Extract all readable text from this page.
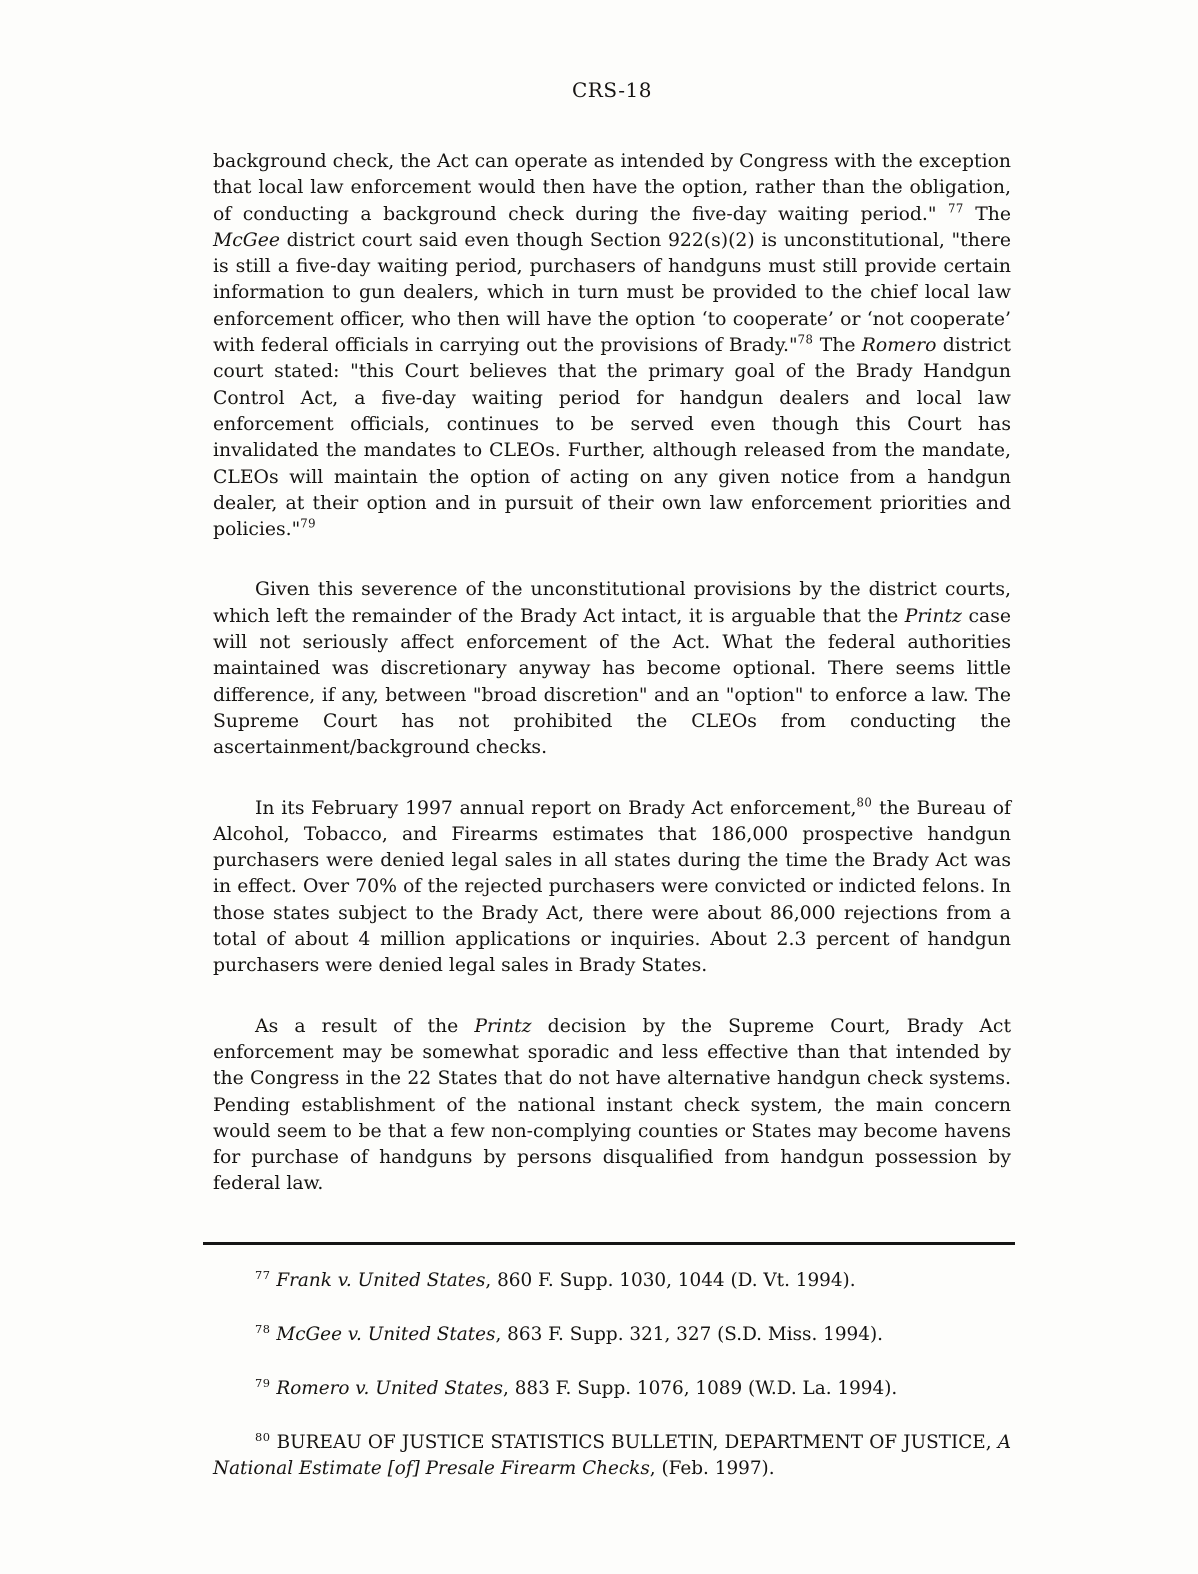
CRS-18

background check, the Act can operate as intended by Congress with the exception that local law enforcement would then have the option, rather than the obligation, of conducting a background check during the five-day waiting period." $^{77}$ The McGee district court said even though Section 922(s)(2) is unconstitutional, "there is still a five-day waiting period, purchasers of handguns must still provide certain information to gun dealers, which in turn must be provided to the chief local law enforcement officer, who then will have the option ‘to cooperate’ or ‘not cooperate’ with federal officials in carrying out the provisions of Brady."$^{78}$ The Romero district court stated: "this Court believes that the primary goal of the Brady Handgun Control Act, a five-day waiting period for handgun dealers and local law enforcement officials, continues to be served even though this Court has invalidated the mandates to CLEOs. Further, although released from the mandate, CLEOs will maintain the option of acting on any given notice from a handgun dealer, at their option and in pursuit of their own law enforcement priorities and policies."$^{79}$

Given this severence of the unconstitutional provisions by the district courts, which left the remainder of the Brady Act intact, it is arguable that the Printz case will not seriously affect enforcement of the Act. What the federal authorities maintained was discretionary anyway has become optional. There seems little difference, if any, between "broad discretion" and an "option" to enforce a law. The Supreme Court has not prohibited the CLEOs from conducting the ascertainment/background checks.

In its February 1997 annual report on Brady Act enforcement,$^{80}$ the Bureau of Alcohol, Tobacco, and Firearms estimates that 186,000 prospective handgun purchasers were denied legal sales in all states during the time the Brady Act was in effect. Over 70% of the rejected purchasers were convicted or indicted felons. In those states subject to the Brady Act, there were about 86,000 rejections from a total of about 4 million applications or inquiries. About 2.3 percent of handgun purchasers were denied legal sales in Brady States.

As a result of the Printz decision by the Supreme Court, Brady Act enforcement may be somewhat sporadic and less effective than that intended by the Congress in the 22 States that do not have alternative handgun check systems. Pending establishment of the national instant check system, the main concern would seem to be that a few non-complying counties or States may become havens for purchase of handguns by persons disqualified from handgun possession by federal law.

$^{77}$ Frank v. United States, 860 F. Supp. 1030, 1044 (D. Vt. 1994).

$^{78}$ McGee v. United States, 863 F. Supp. 321, 327 (S.D. Miss. 1994).

$^{79}$ Romero v. United States, 883 F. Supp. 1076, 1089 (W.D. La. 1994).

$^{80}$ BUREAU OF JUSTICE STATISTICS BULLETIN, DEPARTMENT OF JUSTICE, A National Estimate [of] Presale Firearm Checks, (Feb. 1997).
